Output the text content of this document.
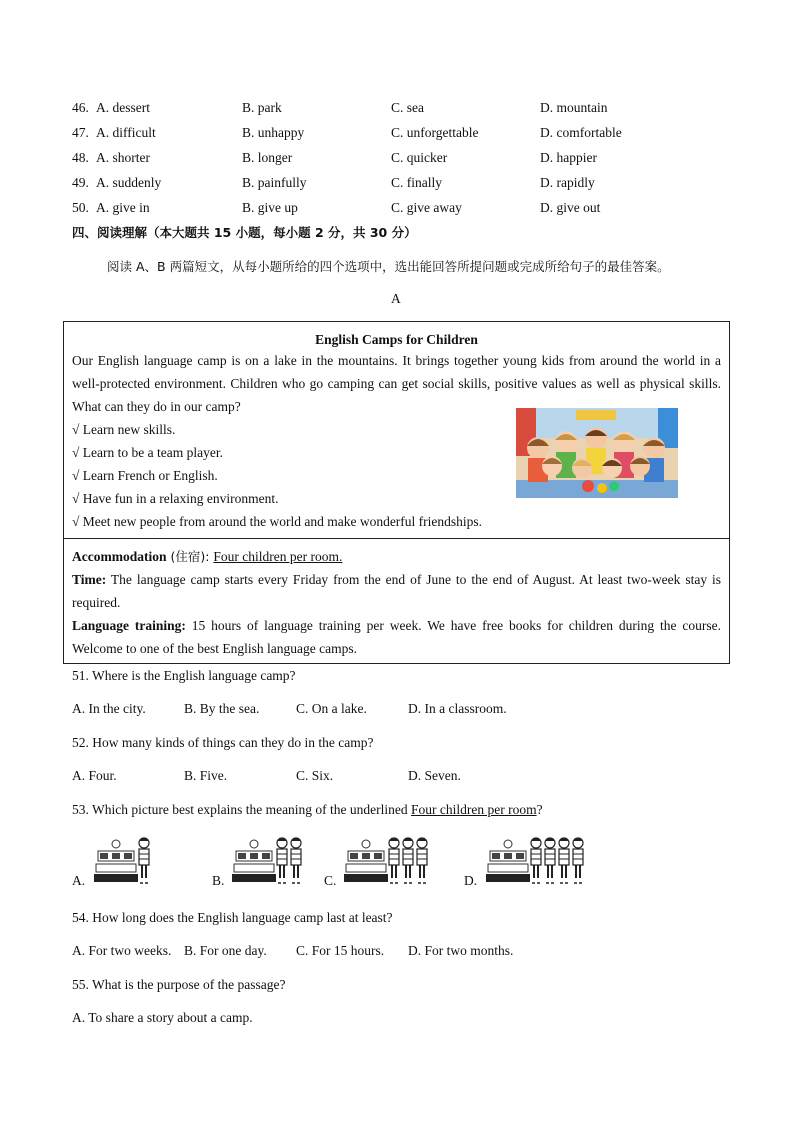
46. A. dessert	B. park	C. sea	D. mountain
47. A. difficult	B. unhappy	C. unforgettable	D. comfortable
48. A. shorter	B. longer	C. quicker	D. happier
49. A. suddenly	B. painfully	C. finally	D. rapidly
50. A. give in	B. give up	C. give away	D. give out
四、阅读理解（本大题共 15 小题，每小题 2 分，共 30 分）
阅读 A、B 两篇短文，从每小题所给的四个选项中，选出能回答所提问题或完成所给句子的最佳答案。
A
English Camps for Children

Our English language camp is on a lake in the mountains. It brings together young kids from around the world in a well-protected environment. Children who go camping can get social skills, positive values as well as physical skills. What can they do in our camp?

√ Learn new skills.
√ Learn to be a team player.
√ Learn French or English.
√ Have fun in a relaxing environment.
√ Meet new people from around the world and make wonderful friendships.

Accommodation (住宿): Four children per room.

Time: The language camp starts every Friday from the end of June to the end of August. At least two-week stay is required.

Language training: 15 hours of language training per week. We have free books for children during the course. Welcome to one of the best English language camps.

51. Where is the English language camp?
A. In the city.	B. By the sea.	C. On a lake.	D. In a classroom.
52. How many kinds of things can they do in the camp?
A. Four.	B. Five.	C. Six.	D. Seven.
53. Which picture best explains the meaning of the underlined Four children per room?
A.	B.	C.	D.
54. How long does the English language camp last at least?
A. For two weeks. B. For one day. C. For 15 hours. D. For two months.
55. What is the purpose of the passage?
A. To share a story about a camp.
